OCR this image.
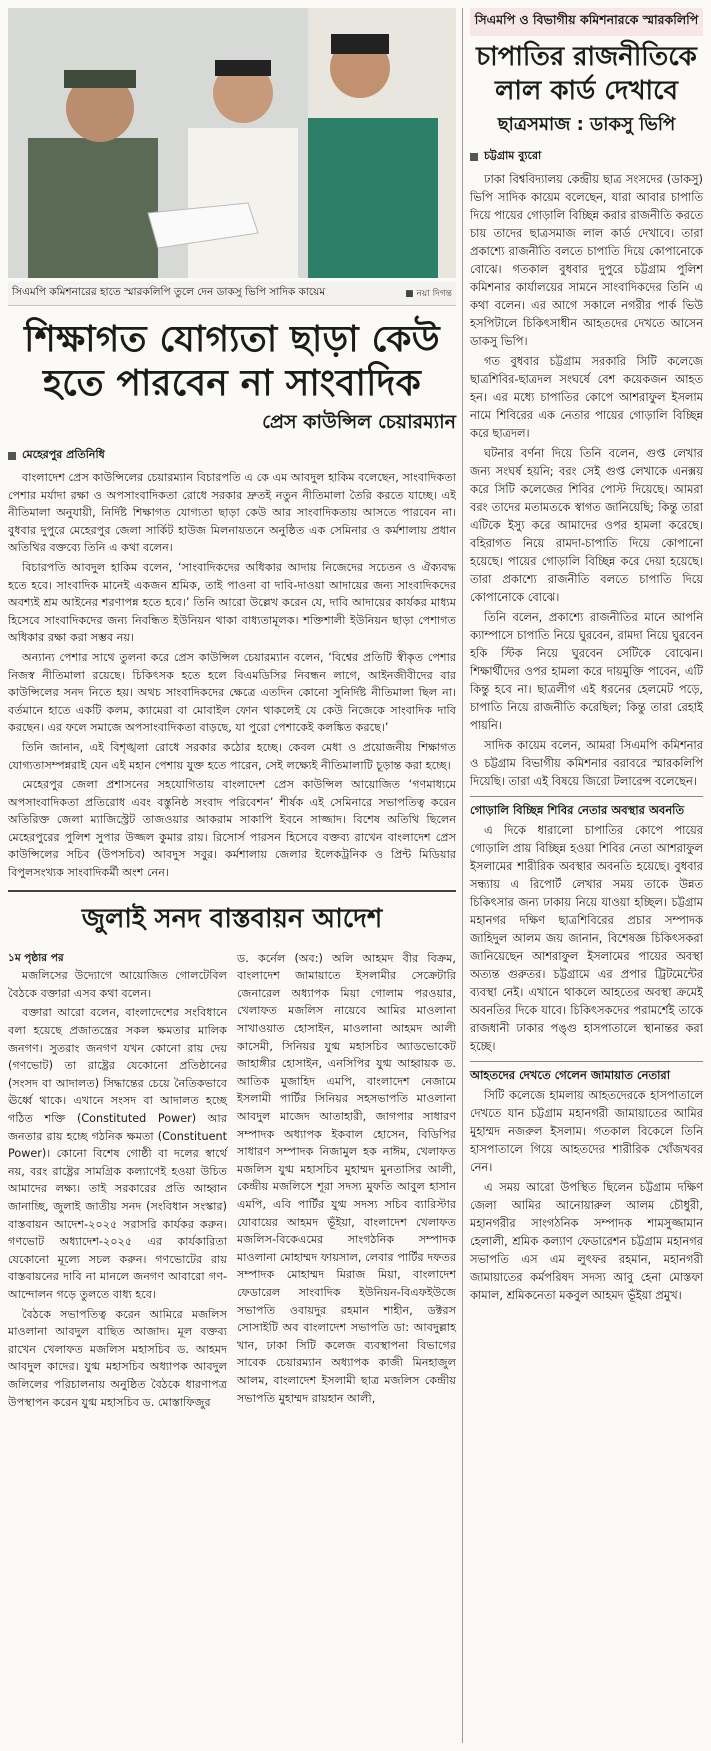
সিএমপি কমিশনারের হাতে স্মারকলিপি তুলে দেন ডাকসু ভিপি সাদিক কায়েম	■ নয়া দিগন্ত
শিক্ষাগত যোগ্যতা ছাড়া কেউ
হতে পারবেন না সাংবাদিক
প্রেস কাউন্সিল চেয়ারম্যান
মেহেরপুর প্রতিনিধি

বাংলাদেশ প্রেস কাউন্সিলের চেয়ারম্যান বিচারপতি এ কে এম আবদুল হাকিম বলেছেন, সাংবাদিকতা পেশার মর্যাদা রক্ষা ও অপসাংবাদিকতা রোধে সরকার দ্রুতই নতুন নীতিমালা তৈরি করতে যাচ্ছে। এই নীতিমালা অনুযায়ী, নির্দিষ্ট শিক্ষাগত যোগ্যতা ছাড়া কেউ আর সাংবাদিকতায় আসতে পারবেন না। বুধবার দুপুরে মেহেরপুর জেলা সার্কিট হাউজ মিলনায়তনে অনুষ্ঠিত এক সেমিনার ও কর্মশালায় প্রধান অতিথির বক্তব্যে তিনি এ কথা বলেন।

বিচারপতি আবদুল হাকিম বলেন, ‘সাংবাদিকদের অধিকার আদায় নিজেদের সচেতন ও ঐক্যবদ্ধ হতে হবে। সাংবাদিক মানেই একজন শ্রমিক, তাই পাওনা বা দাবি-দাওয়া আদায়ের জন্য সাংবাদিকদের অবশ্যই শ্রম আইনের শরণাপন্ন হতে হবে।’ তিনি আরো উল্লেখ করেন যে, দাবি আদায়ের কার্যকর মাধ্যম হিসেবে সাংবাদিকদের জন্য নিবন্ধিত ইউনিয়ন থাকা বাধ্যতামূলক। শক্তিশালী ইউনিয়ন ছাড়া পেশাগত অধিকার রক্ষা করা সম্ভব নয়।

অন্যান্য পেশার সাথে তুলনা করে প্রেস কাউন্সিল চেয়ারম্যান বলেন, ‘বিশ্বের প্রতিটি স্বীকৃত পেশার নিজস্ব নীতিমালা রয়েছে। চিকিৎসক হতে হলে বিএমডিসির নিবন্ধন লাগে, আইনজীবীদের বার কাউন্সিলের সনদ নিতে হয়। অথচ সাংবাদিকদের ক্ষেত্রে এতদিন কোনো সুনির্দিষ্ট নীতিমালা ছিল না। বর্তমানে হাতে একটি কলম, ক্যামেরা বা মোবাইল ফোন থাকলেই যে কেউ নিজেকে সাংবাদিক দাবি করছেন। এর ফলে সমাজে অপসাংবাদিকতা বাড়ছে, যা পুরো পেশাকেই কলঙ্কিত করছে।’

তিনি জানান, এই বিশৃঙ্খলা রোধে সরকার কঠোর হচ্ছে। কেবল মেধা ও প্রয়োজনীয় শিক্ষাগত যোগ্যতাসম্পন্নরাই যেন এই মহান পেশায় যুক্ত হতে পারেন, সেই লক্ষ্যেই নীতিমালাটি চূড়ান্ত করা হচ্ছে।

মেহেরপুর জেলা প্রশাসনের সহযোগিতায় বাংলাদেশ প্রেস কাউন্সিল আয়োজিত ‘গণমাধ্যমে অপসাংবাদিকতা প্রতিরোধ এবং বস্তুনিষ্ঠ সংবাদ পরিবেশন’ শীর্ষক এই সেমিনারে সভাপতিত্ব করেন অতিরিক্ত জেলা ম্যাজিস্ট্রেট তাজওয়ার আকরাম সাকাপি ইবনে সাজ্জাদ। বিশেষ অতিথি ছিলেন মেহেরপুরের পুলিশ সুপার উজ্জল কুমার রায়। রিসোর্স পারসন হিসেবে বক্তব্য রাখেন বাংলাদেশ প্রেস কাউন্সিলের সচিব (উপসচিব) আবদুস সবুর। কর্মশালায় জেলার ইলেকট্রনিক ও প্রিন্ট মিডিয়ার বিপুলসংখ্যক সাংবাদিকর্মী অংশ নেন।

জুলাই সনদ বাস্তবায়ন আদেশ
১ম পৃষ্ঠার পর

মজলিসের উদ্যোগে আয়োজিত গোলটেবিল বৈঠকে বক্তারা এসব কথা বলেন।

বক্তারা আরো বলেন, বাংলাদেশের সংবিধানে বলা হয়েছে প্রজাতন্ত্রের সকল ক্ষমতার মালিক জনগণ। সুতরাং জনগণ যখন কোনো রায় দেয় (গণভোট) তা রাষ্ট্রের যেকোনো প্রতিষ্ঠানের (সংসদ বা আদালত) সিদ্ধান্তের চেয়ে নৈতিকভাবে ঊর্ধ্বে থাকে। এখানে সংসদ বা আদালত হচ্ছে গঠিত শক্তি (Constituted Power) আর জনতার রায় হচ্ছে গঠনিক ক্ষমতা (Constituent Power)। কোনো বিশেষ গোষ্ঠী বা দলের স্বার্থে নয়, বরং রাষ্ট্রের সামগ্রিক কল্যাণেই হওয়া উচিত আমাদের লক্ষ্য। তাই সরকারের প্রতি আহ্বান জানাচ্ছি, জুলাই জাতীয় সনদ (সংবিধান সংস্কার) বাস্তবায়ন আদেশ-২০২৫ সরাসরি কার্যকর করুন। গণভোট অধ্যাদেশ-২০২৫ এর কার্যকারিতা যেকোনো মূল্যে সচল করুন। গণভোটের রায় বাস্তবায়নের দাবি না মানলে জনগণ আবারো গণ-আন্দোলন গড়ে তুলতে বাধ্য হবে।

বৈঠকে সভাপতিত্ব করেন আমিরে মজলিস মাওলানা আবদুল বাছিত আজাদ। মূল বক্তব্য রাখেন খেলাফত মজলিস মহাসচিব ড. আহমদ আবদুল কাদের। যুগ্ম মহাসচিব অধ্যাপক আবদুল জলিলের পরিচালনায় অনুষ্ঠিত বৈঠকে ধারণাপত্র উপস্থাপন করেন যুগ্ম মহাসচিব ড. মোস্তাফিজুর

ড. কর্নেল (অব:) অলি আহমদ বীর বিক্রম, বাংলাদেশ জামায়াতে ইসলামীর সেক্রেটারি জেনারেল অধ্যাপক মিয়া গোলাম পরওয়ার, খেলাফত মজলিস নায়েবে আমির মাওলানা সাখাওয়াত হোসাইন, মাওলানা আহমদ আলী কাসেমী, সিনিয়র যুগ্ম মহাসচিব অ্যাডভোকেট জাহাঙ্গীর হোসাইন, এনসিপির যুগ্ম আহ্বায়ক ড. আতিক মুজাহিদ এমপি, বাংলাদেশ নেজামে ইসলামী পার্টির সিনিয়র সহসভাপতি মাওলানা আবদুল মাজেদ আতাহারী, জাগপার সাধারণ সম্পাদক অধ্যাপক ইকবাল হোসেন, বিডিপির সাধারণ সম্পাদক নিজামুল হক নাঈম, খেলাফত মজলিস যুগ্ম মহাসচিব মুহাম্মদ মুনতাসির আলী, কেন্দ্রীয় মজলিসে শূরা সদস্য মুফতি আবুল হাসান এমপি, এবি পার্টির যুগ্ম সদস্য সচিব ব্যারিস্টার যোবায়ের আহমদ ভূঁইয়া, বাংলাদেশ খেলাফত মজলিস-বিকেএমের সাংগঠনিক সম্পাদক মাওলানা মোহাম্মদ ফায়সাল, লেবার পার্টির দফতর সম্পাদক মোহাম্মদ মিরাজ মিয়া, বাংলাদেশ ফেডারেল সাংবাদিক ইউনিয়ন-বিএফইউজে সভাপতি ওবায়দুর রহমান শাহীন, ডক্টরস সোসাইটি অব বাংলাদেশ সভাপতি ডা: আবদুল্লাহ খান, ঢাকা সিটি কলেজ ব্যবস্থাপনা বিভাগের সাবেক চেয়ারম্যান অধ্যাপক কাজী মিনহাজুল আলম, বাংলাদেশ ইসলামী ছাত্র মজলিস কেন্দ্রীয় সভাপতি মুহাম্মদ রায়হান আলী,

সিএমপি ও বিভাগীয় কমিশনারকে স্মারকলিপি
চাপাতির রাজনীতিকে
লাল কার্ড দেখাবে
ছাত্রসমাজ : ডাকসু ভিপি
চট্টগ্রাম ব্যুরো

ঢাকা বিশ্ববিদ্যালয় কেন্দ্রীয় ছাত্র সংসদের (ডাকসু) ভিপি সাদিক কায়েম বলেছেন, যারা আবার চাপাতি দিয়ে পায়ের গোড়ালি বিচ্ছিন্ন করার রাজনীতি করতে চায় তাদের ছাত্রসমাজ লাল কার্ড দেখাবে। তারা প্রকাশ্যে রাজনীতি বলতে চাপাতি দিয়ে কোপানোকে বোঝে। গতকাল বুধবার দুপুরে চট্টগ্রাম পুলিশ কমিশনার কার্যালয়ের সামনে সাংবাদিকদের তিনি এ কথা বলেন। এর আগে সকালে নগরীর পার্ক ভিউ হসপিটালে চিকিৎসাধীন আহতদের দেখতে আসেন ডাকসু ভিপি।

গত বুধবার চট্টগ্রাম সরকারি সিটি কলেজে ছাত্রশিবির-ছাত্রদল সংঘর্ষে বেশ কয়েকজন আহত হন। এর মধ্যে চাপাতির কোপে আশরাফুল ইসলাম নামে শিবিরের এক নেতার পায়ের গোড়ালি বিচ্ছিন্ন করে ছাত্রদল।

ঘটনার বর্ণনা দিয়ে তিনি বলেন, গুপ্ত লেখার জন্য সংঘর্ষ হয়নি; বরং সেই গুপ্ত লেখাকে এনক্সয় করে সিটি কলেজের শিবির পোস্ট দিয়েছে। আমরা বরং তাদের মতামতকে স্বাগত জানিয়েছি; কিন্তু তারা এটিকে ইস্যু করে আমাদের ওপর হামলা করেছে। বহিরাগত নিয়ে রামদা-চাপাতি দিয়ে কোপানো হয়েছে। পায়ের গোড়ালি বিচ্ছিন্ন করে দেয়া হয়েছে। তারা প্রকাশ্যে রাজনীতি বলতে চাপাতি দিয়ে কোপানোকে বোঝে।

তিনি বলেন, প্রকাশ্যে রাজনীতির মানে আপনি ক্যাম্পাসে চাপাতি নিয়ে ঘুরবেন, রামদা নিয়ে ঘুরবেন হকি স্টিক নিয়ে ঘুরবেন সেটিকে বোঝেন। শিক্ষার্থীদের ওপর হামলা করে দায়মুক্তি পাবেন, এটি কিন্তু হবে না। ছাত্রলীগ এই ধরনের হেলমেট পড়ে, চাপাতি নিয়ে রাজনীতি করেছিল; কিন্তু তারা রেহাই পায়নি।

সাদিক কায়েম বলেন, আমরা সিএমপি কমিশনার ও চট্টগ্রাম বিভাগীয় কমিশনার বরাবরে স্মারকলিপি দিয়েছি। তারা এই বিষয়ে জিরো টলারেন্স বলেছেন।

গোড়ালি বিচ্ছিন্ন শিবির নেতার অবস্থার অবনতি

এ দিকে ধারালো চাপাতির কোপে পায়ের গোড়ালি প্রায় বিচ্ছিন্ন হওয়া শিবির নেতা আশরাফুল ইসলামের শারীরিক অবস্থার অবনতি হয়েছে। বুধবার সন্ধ্যায় এ রিপোর্ট লেখার সময় তাকে উন্নত চিকিৎসার জন্য ঢাকায় নিয়ে যাওয়া হচ্ছিল। চট্টগ্রাম মহানগর দক্ষিণ ছাত্রশিবিরের প্রচার সম্পাদক জাহিদুল আলম জয় জানান, বিশেষজ্ঞ চিকিৎসকরা জানিয়েছেন আশরাফুল ইসলামের পায়ের অবস্থা অত্যন্ত গুরুতর। চট্টগ্রামে এর প্রপার ট্রিটমেন্টের ব্যবস্থা নেই। এখানে থাকলে আহতের অবস্থা ক্রমেই অবনতির দিকে যাবে। চিকিৎসকদের পরামর্শেই তাকে রাজধানী ঢাকার পঙ্গু হাসপাতালে স্থানান্তর করা হচ্ছে।

আহতদের দেখতে গেলেন জামায়াত নেতারা

সিটি কলেজে হামলায় আহতদেরকে হাসপাতালে দেখতে যান চট্টগ্রাম মহানগরী জামায়াতের আমির মুহাম্মদ নজরুল ইসলাম। গতকাল বিকেলে তিনি হাসপাতালে গিয়ে আহতদের শারীরিক খোঁজখবর নেন।

এ সময় আরো উপস্থিত ছিলেন চট্টগ্রাম দক্ষিণ জেলা আমির আনোয়ারুল আলম চৌধুরী, মহানগরীর সাংগঠনিক সম্পাদক শামসুজ্জামান হেলালী, শ্রমিক কল্যাণ ফেডারেশন চট্টগ্রাম মহানগর সভাপতি এস এম লুৎফর রহমান, মহানগরী জামায়াতের কর্মপরিষদ সদস্য আবু হেনা মোস্তফা কামাল, শ্রমিকনেতা মকবুল আহমদ ভূঁইয়া প্রমুখ।
